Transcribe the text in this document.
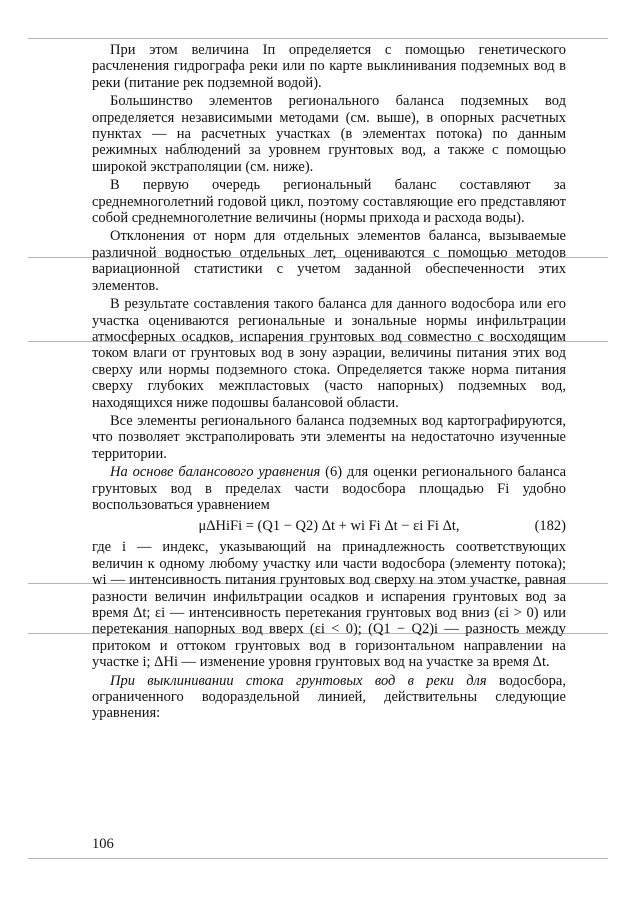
При этом величина Iп определяется с помощью генетического расчленения гидрографа реки или по карте выклинивания подземных вод в реки (питание рек подземной водой).

Большинство элементов регионального баланса подземных вод определяется независимыми методами (см. выше), в опорных расчетных пунктах — на расчетных участках (в элементах потока) по данным режимных наблюдений за уровнем грунтовых вод, а также с помощью широкой экстраполяции (см. ниже).

В первую очередь региональный баланс составляют за среднемноголетний годовой цикл, поэтому составляющие его представляют собой среднемноголетние величины (нормы прихода и расхода воды).

Отклонения от норм для отдельных элементов баланса, вызываемые различной водностью отдельных лет, оцениваются с помощью методов вариационной статистики с учетом заданной обеспеченности этих элементов.

В результате составления такого баланса для данного водосбора или его участка оцениваются региональные и зональные нормы инфильтрации атмосферных осадков, испарения грунтовых вод совместно с восходящим током влаги от грунтовых вод в зону аэрации, величины питания этих вод сверху или нормы подземного стока. Определяется также норма питания сверху глубоких межпластовых (часто напорных) подземных вод, находящихся ниже подошвы балансовой области.

Все элементы регионального баланса подземных вод картографируются, что позволяет экстраполировать эти элементы на недостаточно изученные территории.

На основе балансового уравнения (6) для оценки регионального баланса грунтовых вод в пределах части водосбора площадью Fi удобно воспользоваться уравнением

μΔHiFi = (Q1 − Q2) Δt + wi Fi Δt − εi Fi Δt,	(182)

где i — индекс, указывающий на принадлежность соответствующих величин к одному любому участку или части водосбора (элементу потока); wi — интенсивность питания грунтовых вод сверху на этом участке, равная разности величин инфильтрации осадков и испарения грунтовых вод за время Δt; εi — интенсивность перетекания грунтовых вод вниз (εi > 0) или перетекания напорных вод вверх (εi < 0); (Q1 − Q2)i — разность между притоком и оттоком грунтовых вод в горизонтальном направлении на участке i; ΔHi — изменение уровня грунтовых вод на участке за время Δt.

При выклинивании стока грунтовых вод в реки для водосбора, ограниченного водораздельной линией, действительны следующие уравнения:

106
